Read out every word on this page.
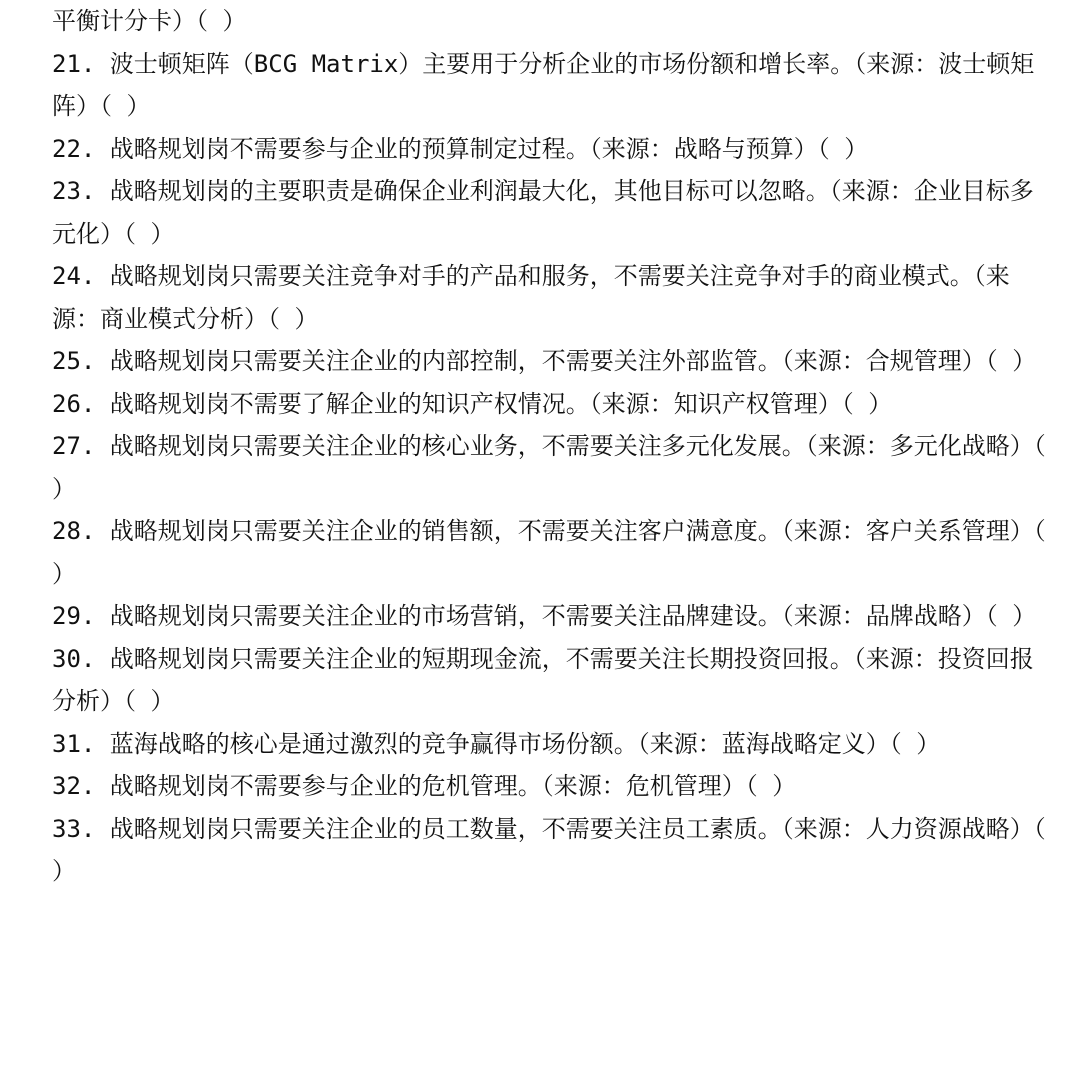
平衡计分卡）（ ）

21. 波士顿矩阵（BCG Matrix）主要用于分析企业的市场份额和增长率。（来源：波士顿矩阵）（ ）

22. 战略规划岗不需要参与企业的预算制定过程。（来源：战略与预算）（ ）

23. 战略规划岗的主要职责是确保企业利润最大化，其他目标可以忽略。（来源：企业目标多元化）（ ）

24. 战略规划岗只需要关注竞争对手的产品和服务，不需要关注竞争对手的商业模式。（来源：商业模式分析）（ ）

25. 战略规划岗只需要关注企业的内部控制，不需要关注外部监管。（来源：合规管理）（ ）

26. 战略规划岗不需要了解企业的知识产权情况。（来源：知识产权管理）（ ）

27. 战略规划岗只需要关注企业的核心业务，不需要关注多元化发展。（来源：多元化战略）（ ）

28. 战略规划岗只需要关注企业的销售额，不需要关注客户满意度。（来源：客户关系管理）（ ）

29. 战略规划岗只需要关注企业的市场营销，不需要关注品牌建设。（来源：品牌战略）（ ）

30. 战略规划岗只需要关注企业的短期现金流，不需要关注长期投资回报。（来源：投资回报分析）（ ）

31. 蓝海战略的核心是通过激烈的竞争赢得市场份额。（来源：蓝海战略定义）（ ）

32. 战略规划岗不需要参与企业的危机管理。（来源：危机管理）（ ）

33. 战略规划岗只需要关注企业的员工数量，不需要关注员工素质。（来源：人力资源战略）（ ）
